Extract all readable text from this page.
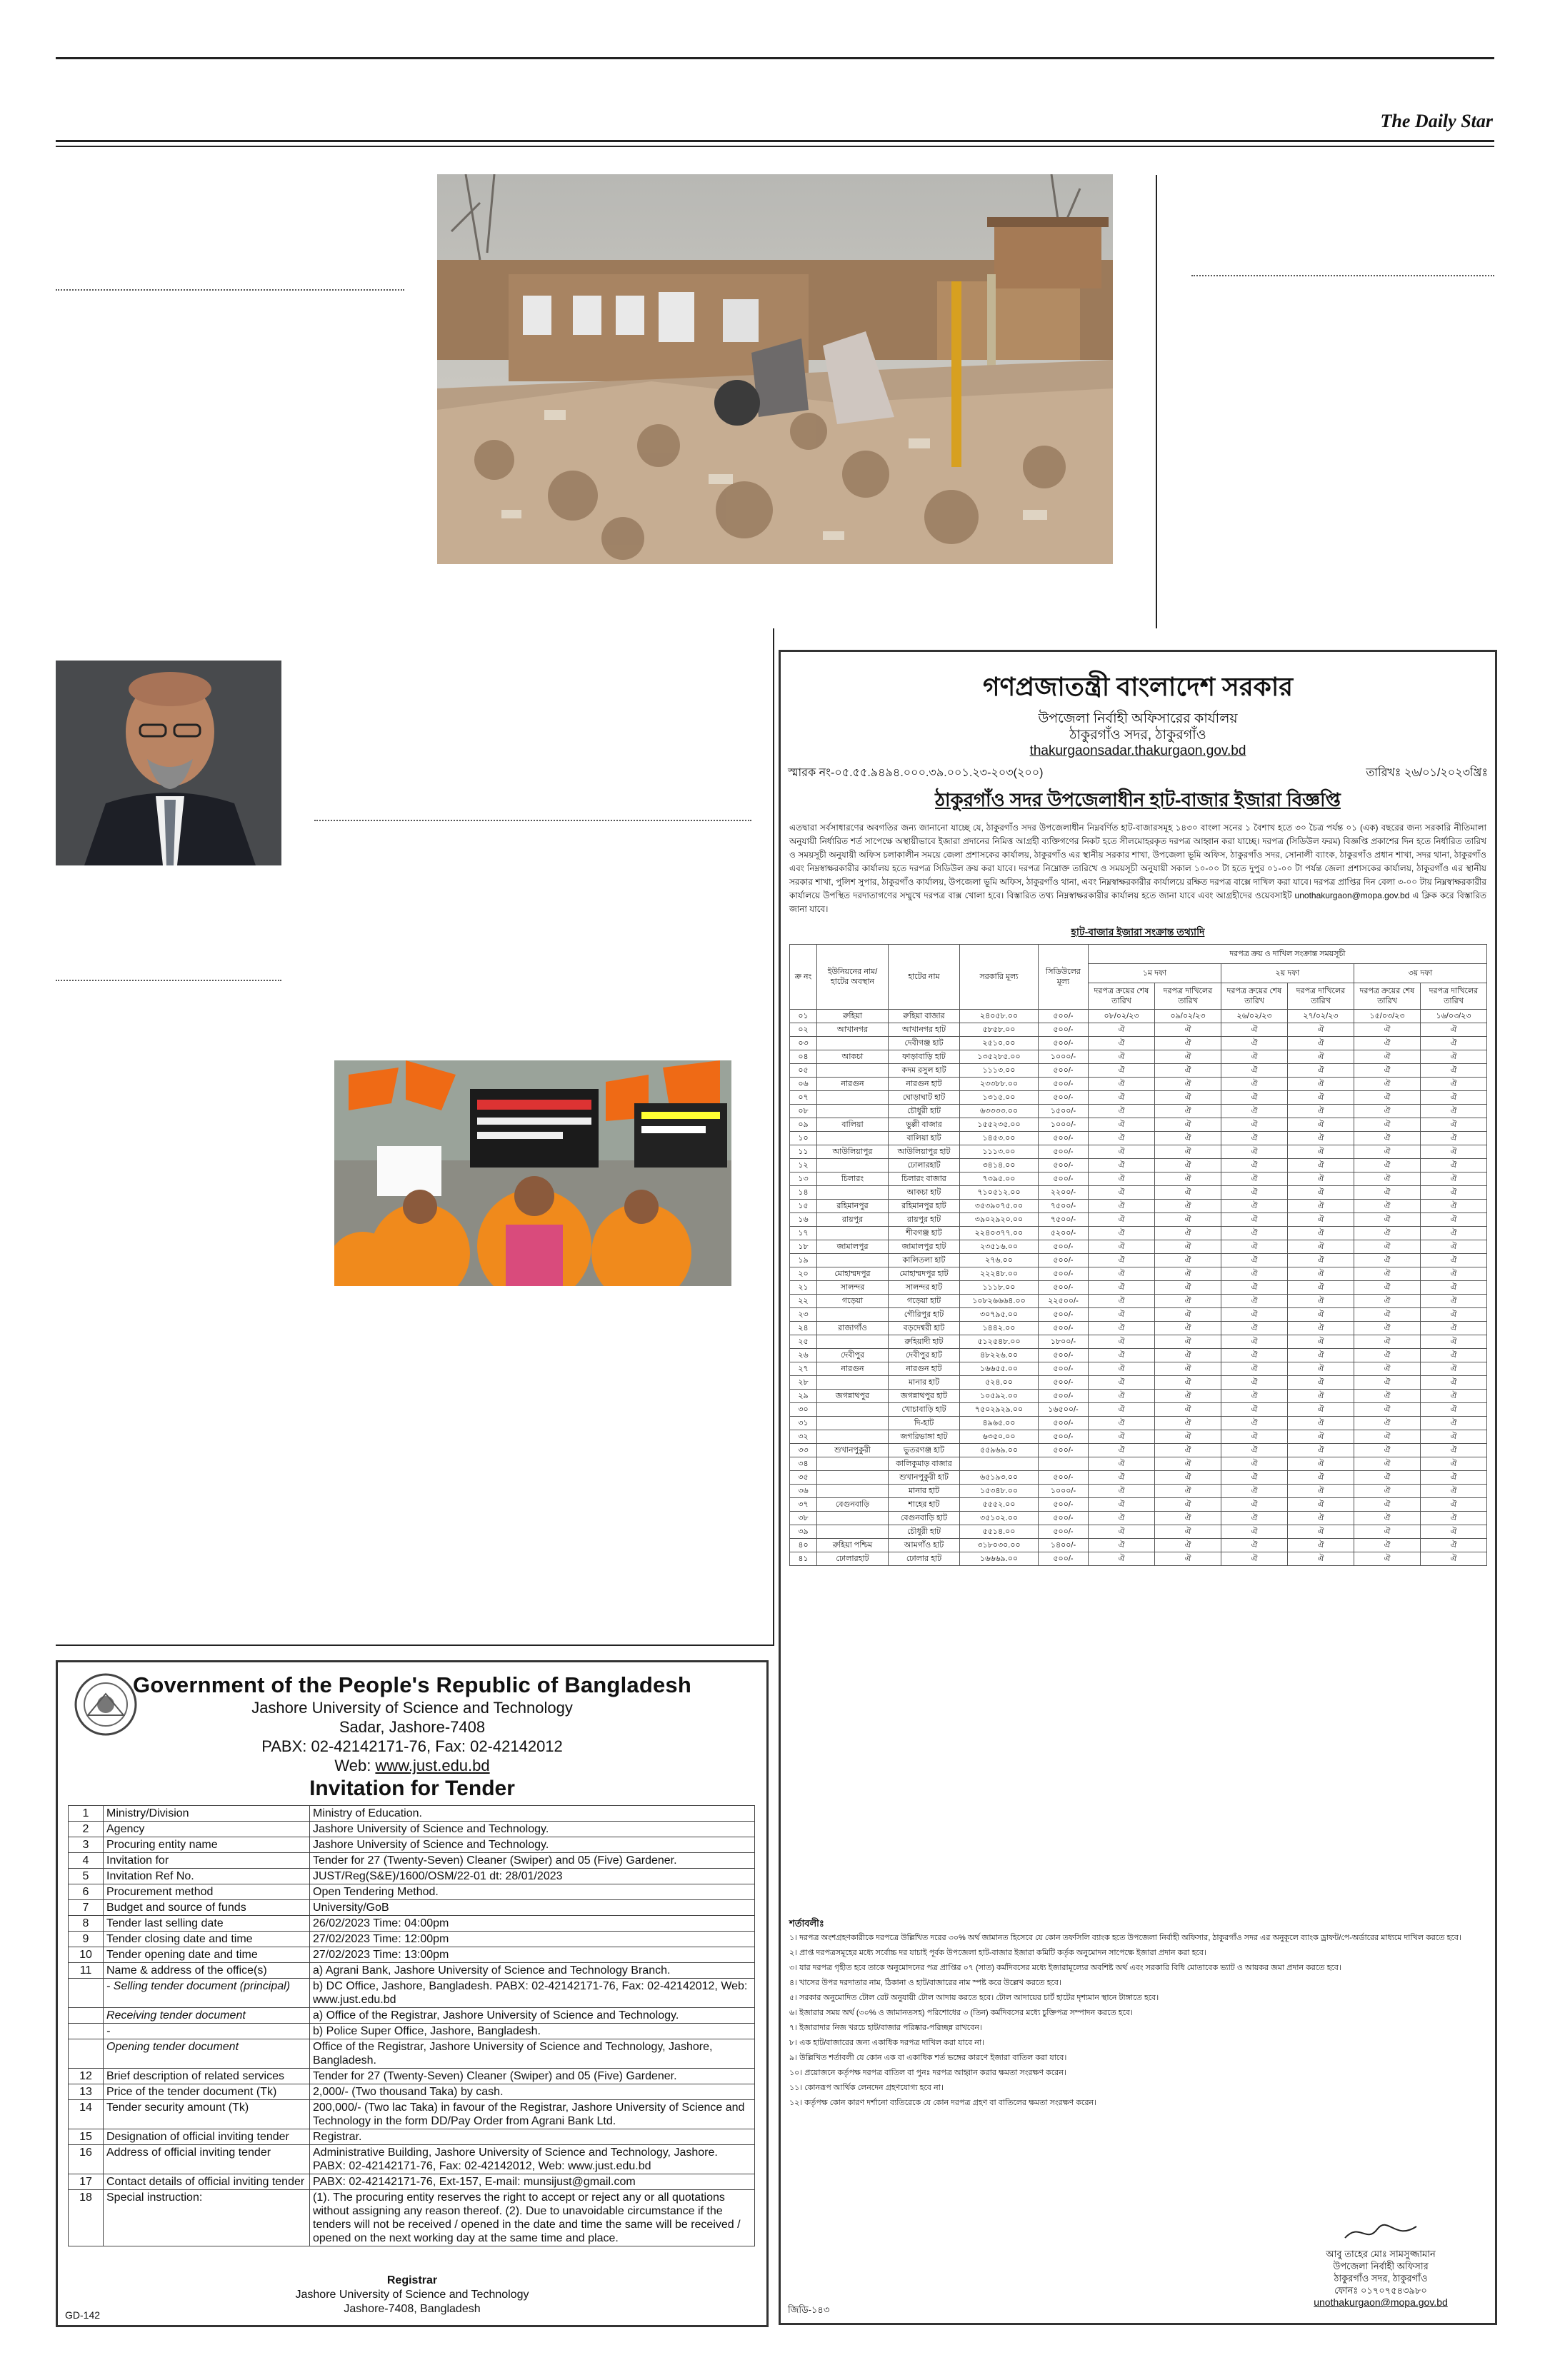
The Daily Star
Government of the People's Republic of Bangladesh
Jashore University of Science and Technology
Sadar, Jashore-7408
PABX: 02-42142171-76, Fax: 02-42142012
Web: www.just.edu.bd
Invitation for Tender
1	Ministry/Division	Ministry of Education.
2	Agency	Jashore University of Science and Technology.
3	Procuring entity name	Jashore University of Science and Technology.
4	Invitation for	Tender for 27 (Twenty-Seven) Cleaner (Swiper) and 05 (Five) Gardener.
5	Invitation Ref No.	JUST/Reg(S&E)/1600/OSM/22-01 dt: 28/01/2023
6	Procurement method	Open Tendering Method.
7	Budget and source of funds	University/GoB
8	Tender last selling date	26/02/2023 Time: 04:00pm
9	Tender closing date and time	27/02/2023 Time: 12:00pm
10	Tender opening date and time	27/02/2023 Time: 13:00pm
11	Name & address of the office(s)	a) Agrani Bank, Jashore University of Science and Technology Branch.
	- Selling tender document (principal)	b) DC Office, Jashore, Bangladesh. PABX: 02-42142171-76, Fax: 02-42142012, Web: www.just.edu.bd
	Receiving tender document	a) Office of the Registrar, Jashore University of Science and Technology.
	-	b) Police Super Office, Jashore, Bangladesh.
	Opening tender document	Office of the Registrar, Jashore University of Science and Technology, Jashore, Bangladesh.
12	Brief description of related services	Tender for 27 (Twenty-Seven) Cleaner (Swiper) and 05 (Five) Gardener.
13	Price of the tender document (Tk)	2,000/- (Two thousand Taka) by cash.
14	Tender security amount (Tk)	200,000/- (Two lac Taka) in favour of the Registrar, Jashore University of Science and Technology in the form DD/Pay Order from Agrani Bank Ltd.
15	Designation of official inviting tender	Registrar.
16	Address of official inviting tender	Administrative Building, Jashore University of Science and Technology, Jashore. PABX: 02-42142171-76, Fax: 02-42142012, Web: www.just.edu.bd
17	Contact details of official inviting tender	PABX: 02-42142171-76, Ext-157, E-mail: munsijust@gmail.com
18	Special instruction:	(1). The procuring entity reserves the right to accept or reject any or all quotations without assigning any reason thereof. (2). Due to unavoidable circumstance if the tenders will not be received / opened in the date and time the same will be received / opened on the next working day at the same time and place.
Registrar
Jashore University of Science and Technology
Jashore-7408, Bangladesh
GD-142
গণপ্রজাতন্ত্রী বাংলাদেশ সরকার
উপজেলা নির্বাহী অফিসারের কার্যালয়
ঠাকুরগাঁও সদর, ঠাকুরগাঁও
thakurgaonsadar.thakurgaon.gov.bd
স্মারক নং-০৫.৫৫.৯৪৯৪.০০০.৩৯.০০১.২৩-২০৩(২০০)	তারিখঃ ২৬/০১/২০২৩খ্রিঃ
ঠাকুরগাঁও সদর উপজেলাধীন হাট-বাজার ইজারা বিজ্ঞপ্তি
এতদ্বারা সর্বসাধারণের অবগতির জন্য জানানো যাচ্ছে যে, ঠাকুরগাঁও সদর উপজেলাধীন নিম্নবর্ণিত হাট-বাজারসমূহ ১৪৩০ বাংলা সনের ১ বৈশাখ হতে ৩০ চৈত্র পর্যন্ত ০১ (এক) বছরের জন্য সরকারি নীতিমালা অনুযায়ী নির্ধারিত শর্ত সাপেক্ষে অস্থায়ীভাবে ইজারা প্রদানের নিমিত্ত আগ্রহী ব্যক্তিগণের নিকট হতে সীলমোহরকৃত দরপত্র আহ্বান করা যাচ্ছে। দরপত্র (সিডিউল ফরম) বিজ্ঞপ্তি প্রকাশের দিন হতে নির্ধারিত তারিখ ও সময়সূচী অনুযায়ী অফিস চলাকালীন সময়ে জেলা প্রশাসকের কার্যালয়, ঠাকুরগাঁও এর স্থানীয় সরকার শাখা, উপজেলা ভূমি অফিস, ঠাকুরগাঁও সদর, সোনালী ব্যাংক, ঠাকুরগাঁও প্রধান শাখা, সদর থানা, ঠাকুরগাঁও এবং নিম্নস্বাক্ষরকারীর কার্যালয় হতে দরপত্র সিডিউল ক্রয় করা যাবে। দরপত্র নিম্নোক্ত তারিখে ও সময়সূচী অনুযায়ী সকাল ১০-০০ টা হতে দুপুর ০১-০০ টা পর্যন্ত জেলা প্রশাসকের কার্যালয়, ঠাকুরগাঁও এর স্থানীয় সরকার শাখা, পুলিশ সুপার, ঠাকুরগাঁও কার্যালয়, উপজেলা ভূমি অফিস, ঠাকুরগাঁও থানা, এবং নিম্নস্বাক্ষরকারীর কার্যালয়ে রক্ষিত দরপত্র বাক্সে দাখিল করা যাবে। দরপত্র প্রাপ্তির দিন বেলা ৩-০০ টায় নিম্নস্বাক্ষরকারীর কার্যালয়ে উপস্থিত দরদাতাগণের সম্মুখে দরপত্র বাক্স খোলা হবে। বিস্তারিত তথ্য নিম্নস্বাক্ষরকারীর কার্যালয় হতে জানা যাবে এবং আগ্রহীদের ওয়েবসাইট unothakurgaon@mopa.gov.bd এ ক্লিক করে বিস্তারিত জানা যাবে।
হাট-বাজার ইজারা সংক্রান্ত তথ্যাদি
ক্র নং	ইউনিয়নের নাম/হাটের অবস্থান	হাটের নাম	সরকারি মূল্য	সিডিউলের মূল্য	দরপত্র ক্রয় ও দাখিল সংক্রান্ত সময়সূচী					
					১ম দফা		২য় দফা		৩য় দফা	
					দরপত্র ক্রয়ের শেষ তারিখ	দরপত্র দাখিলের তারিখ	দরপত্র ক্রয়ের শেষ তারিখ	দরপত্র দাখিলের তারিখ	দরপত্র ক্রয়ের শেষ তারিখ	দরপত্র দাখিলের তারিখ
০১	রুহিয়া	রুহিয়া বাজার	২৪০৫৮.০০	৫০০/-	০৮/০২/২৩	০৯/০২/২৩	২৬/০২/২৩	২৭/০২/২৩	১৫/০৩/২৩	১৬/০৩/২৩
০২	আখানগর	আখানগর হাট	৫৮৫৮.০০	৫০০/-	ঐ	ঐ	ঐ	ঐ	ঐ	ঐ
০৩		দেবীগঞ্জ হাট	২৫১০.০০	৫০০/-	ঐ	ঐ	ঐ	ঐ	ঐ	ঐ
০৪	আকচা	ফাড়াবাড়ি হাট	১৩৫২৮৫.০০	১০০০/-	ঐ	ঐ	ঐ	ঐ	ঐ	ঐ
০৫		কদম রসুল হাট	১১১৩.০০	৫০০/-	ঐ	ঐ	ঐ	ঐ	ঐ	ঐ
০৬	নারগুন	নারগুন হাট	২৩৩৮৮.০০	৫০০/-	ঐ	ঐ	ঐ	ঐ	ঐ	ঐ
০৭		ঘোড়াঘাট হাট	১৩১৫.০০	৫০০/-	ঐ	ঐ	ঐ	ঐ	ঐ	ঐ
০৮		চৌধুরী হাট	৬৩৩৩৩.০০	১৫০০/-	ঐ	ঐ	ঐ	ঐ	ঐ	ঐ
০৯	বালিয়া	ভুল্লী বাজার	১৫৫২৩৫.০০	১০০০/-	ঐ	ঐ	ঐ	ঐ	ঐ	ঐ
১০		বালিয়া হাট	১৪৫৩.০০	৫০০/-	ঐ	ঐ	ঐ	ঐ	ঐ	ঐ
১১	আউলিয়াপুর	আউলিয়াপুর হাট	১১১৩.০০	৫০০/-	ঐ	ঐ	ঐ	ঐ	ঐ	ঐ
১২		ঢোলারহাট	৩৪১৪.০০	৫০০/-	ঐ	ঐ	ঐ	ঐ	ঐ	ঐ
১৩	চিলারং	চিলারং বাজার	৭৩৯৫.০০	৫০০/-	ঐ	ঐ	ঐ	ঐ	ঐ	ঐ
১৪		আকচা হাট	৭১০৫১২.০০	২২০০/-	ঐ	ঐ	ঐ	ঐ	ঐ	ঐ
১৫	রহিমানপুর	রহিমানপুর হাট	৩৫৩৯০৭৫.০০	৭৫০০/-	ঐ	ঐ	ঐ	ঐ	ঐ	ঐ
১৬	রায়পুর	রায়পুর হাট	৩৯০২৯২০.০০	৭৫০০/-	ঐ	ঐ	ঐ	ঐ	ঐ	ঐ
১৭		শীবগঞ্জ হাট	২২৪০৩৭৭.০০	৫২০০/-	ঐ	ঐ	ঐ	ঐ	ঐ	ঐ
১৮	জামালপুর	জামালপুর হাট	২৩৫১৬.০০	৫০০/-	ঐ	ঐ	ঐ	ঐ	ঐ	ঐ
১৯		কালিতলা হাট	২৭৬.০০	৫০০/-	ঐ	ঐ	ঐ	ঐ	ঐ	ঐ
২০	মোহাম্মদপুর	মোহাম্মদপুর হাট	২২২৪৮.০০	৫০০/-	ঐ	ঐ	ঐ	ঐ	ঐ	ঐ
২১	সালন্দর	সালন্দর হাট	১১১৮.০০	৫০০/-	ঐ	ঐ	ঐ	ঐ	ঐ	ঐ
২২	গড়েয়া	গড়েয়া হাট	১০৮২৬৬৬৪.০০	২২৫০০/-	ঐ	ঐ	ঐ	ঐ	ঐ	ঐ
২৩		গৌরিপুর হাট	৩০৭৯৫.০০	৫০০/-	ঐ	ঐ	ঐ	ঐ	ঐ	ঐ
২৪	রাজাগাঁও	বড়দেশ্বরী হাট	১৪৪২.০০	৫০০/-	ঐ	ঐ	ঐ	ঐ	ঐ	ঐ
২৫		রুহিয়াদী হাট	৫১২৫৪৮.০০	১৮০০/-	ঐ	ঐ	ঐ	ঐ	ঐ	ঐ
২৬	দেবীপুর	দেবীপুর হাট	৪৮২২৬.০০	৫০০/-	ঐ	ঐ	ঐ	ঐ	ঐ	ঐ
২৭	নারগুন	নারগুন হাট	১৬৬৫৫.০০	৫০০/-	ঐ	ঐ	ঐ	ঐ	ঐ	ঐ
২৮		মানার হাট	৫২৪.০০	৫০০/-	ঐ	ঐ	ঐ	ঐ	ঐ	ঐ
২৯	জগন্নাথপুর	জগন্নাথপুর হাট	১০৫৯২.০০	৫০০/-	ঐ	ঐ	ঐ	ঐ	ঐ	ঐ
৩০		খোচাবাড়ি হাট	৭৫০২৯২৯.০০	১৬৫০০/-	ঐ	ঐ	ঐ	ঐ	ঐ	ঐ
৩১		দি-হাট	৪৯৬৫.০০	৫০০/-	ঐ	ঐ	ঐ	ঐ	ঐ	ঐ
৩২		জগরিভাঙ্গা হাট	৬৩৫০.০০	৫০০/-	ঐ	ঐ	ঐ	ঐ	ঐ	ঐ
৩৩	শুখানপুকুরী	ভুতরগঞ্জ হাট	৫৫৯৬৯.০০	৫০০/-	ঐ	ঐ	ঐ	ঐ	ঐ	ঐ
৩৪		কালিকুমাড় বাজার			ঐ	ঐ	ঐ	ঐ	ঐ	ঐ
৩৫		শুখানপুকুরী হাট	৬৫১৯৩.০০	৫০০/-	ঐ	ঐ	ঐ	ঐ	ঐ	ঐ
৩৬		মানার হাট	১৫৩৪৮.০০	১০০০/-	ঐ	ঐ	ঐ	ঐ	ঐ	ঐ
৩৭	বেগুনবাড়ি	শাহের হাট	৫৫৫২.০০	৫০০/-	ঐ	ঐ	ঐ	ঐ	ঐ	ঐ
৩৮		বেগুনবাড়ি হাট	৩৫১০২.০০	৫০০/-	ঐ	ঐ	ঐ	ঐ	ঐ	ঐ
৩৯		চৌধুরী হাট	৫৫১৪.০০	৫০০/-	ঐ	ঐ	ঐ	ঐ	ঐ	ঐ
৪০	রুহিয়া পশ্চিম	আমগাঁও হাট	৩১৮০৩০.০০	১৪০০/-	ঐ	ঐ	ঐ	ঐ	ঐ	ঐ
৪১	ঢোলারহাট	ঢোলার হাট	১৬৬৬৯.০০	৫০০/-	ঐ	ঐ	ঐ	ঐ	ঐ	ঐ
শর্তাবলীঃ
১। দরপত্র অংশগ্রহণকারীকে দরপত্রে উল্লিখিত দরের ৩০% অর্থ জামানত হিসেবে যে কোন তফসিলি ব্যাংক হতে উপজেলা নির্বাহী অফিসার, ঠাকুরগাঁও সদর এর অনুকূলে ব্যাংক ড্রাফট/পে-অর্ডারের মাধ্যমে দাখিল করতে হবে।
২। প্রাপ্ত দরপত্রসমূহের মধ্যে সর্বোচ্চ দর যাচাই পূর্বক উপজেলা হাট-বাজার ইজারা কমিটি কর্তৃক অনুমোদন সাপেক্ষে ইজারা প্রদান করা হবে।
৩। যার দরপত্র গৃহীত হবে তাকে অনুমোদনের পত্র প্রাপ্তির ০৭ (সাত) কর্মদিবসের মধ্যে ইজারামূল্যের অবশিষ্ট অর্থ এবং সরকারি বিধি মোতাবেক ভ্যাট ও আয়কর জমা প্রদান করতে হবে।
৪। খাসের উপর দরদাতার নাম, ঠিকানা ও হাট/বাজারের নাম স্পষ্ট করে উল্লেখ করতে হবে।
৫। সরকার অনুমোদিত টোল রেট অনুযায়ী টোল আদায় করতে হবে। টোল আদায়ের চার্ট হাটের দৃশ্যমান স্থানে টাঙ্গাতে হবে।
৬। ইজারার সময় অর্থ (৩০% ও জামানতসহ) পরিশোধের ৩ (তিন) কর্মদিবসের মধ্যে চুক্তিপত্র সম্পাদন করতে হবে।
৭। ইজারাদার নিজ খরচে হাট/বাজার পরিষ্কার-পরিচ্ছন্ন রাখবেন।
৮। এক হাট/বাজারের জন্য একাধিক দরপত্র দাখিল করা যাবে না।
৯। উল্লিখিত শর্তাবলী যে কোন এক বা একাধিক শর্ত ভঙ্গের কারণে ইজারা বাতিল করা যাবে।
১০। প্রয়োজনে কর্তৃপক্ষ দরপত্র বাতিল বা পুনঃ দরপত্র আহ্বান করার ক্ষমতা সংরক্ষণ করেন।
১১। কোনরূপ আর্থিক লেনদেন গ্রহণযোগ্য হবে না।
১২। কর্তৃপক্ষ কোন কারণ দর্শানো ব্যতিরেকে যে কোন দরপত্র গ্রহণ বা বাতিলের ক্ষমতা সংরক্ষণ করেন।
আবু তাহের মোঃ সামসুজ্জামান
উপজেলা নির্বাহী অফিসার
ঠাকুরগাঁও সদর, ঠাকুরগাঁও
ফোনঃ ০১৭০৭৫৪৩৯৮০
unothakurgaon@mopa.gov.bd
জিডি-১৪৩
